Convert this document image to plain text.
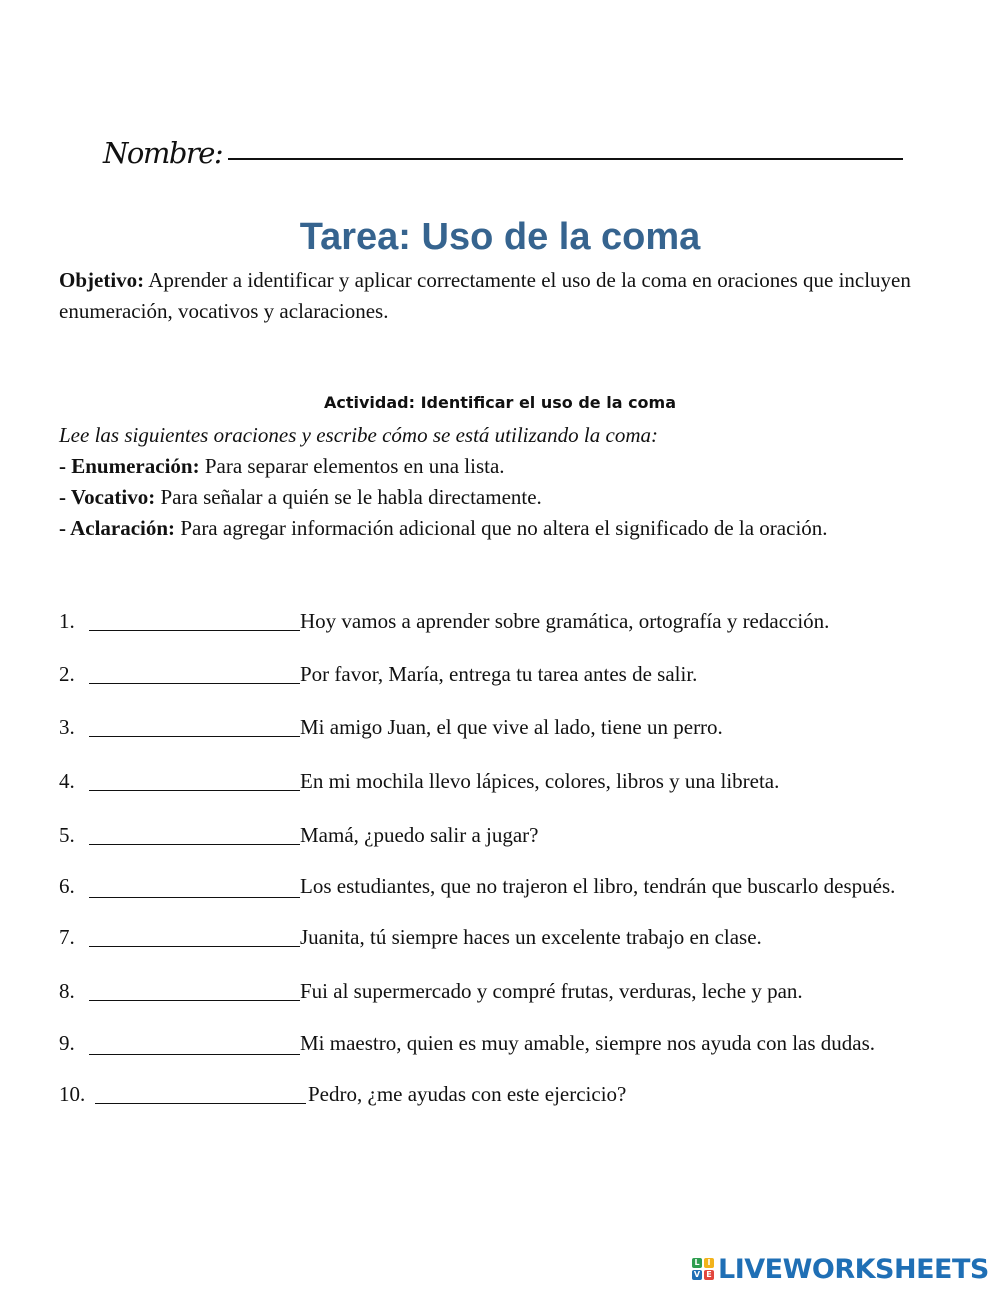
Nombre:
Tarea: Uso de la coma
Objetivo: Aprender a identificar y aplicar correctamente el uso de la coma en oraciones que incluyen enumeración, vocativos y aclaraciones.
Actividad: Identificar el uso de la coma
Lee las siguientes oraciones y escribe cómo se está utilizando la coma:
- Enumeración: Para separar elementos en una lista.
- Vocativo: Para señalar a quién se le habla directamente.
- Aclaración: Para agregar información adicional que no altera el significado de la oración.
1.	Hoy vamos a aprender sobre gramática, ortografía y redacción.
2.	Por favor, María, entrega tu tarea antes de salir.
3.	Mi amigo Juan, el que vive al lado, tiene un perro.
4.	En mi mochila llevo lápices, colores, libros y una libreta.
5.	Mamá, ¿puedo salir a jugar?
6.	Los estudiantes, que no trajeron el libro, tendrán que buscarlo después.
7.	Juanita, tú siempre haces un excelente trabajo en clase.
8.	Fui al supermercado y compré frutas, verduras, leche y pan.
9.	Mi maestro, quien es muy amable, siempre nos ayuda con las dudas.
10.	Pedro, ¿me ayudas con este ejercicio?
L I
V E LIVEWORKSHEETS
